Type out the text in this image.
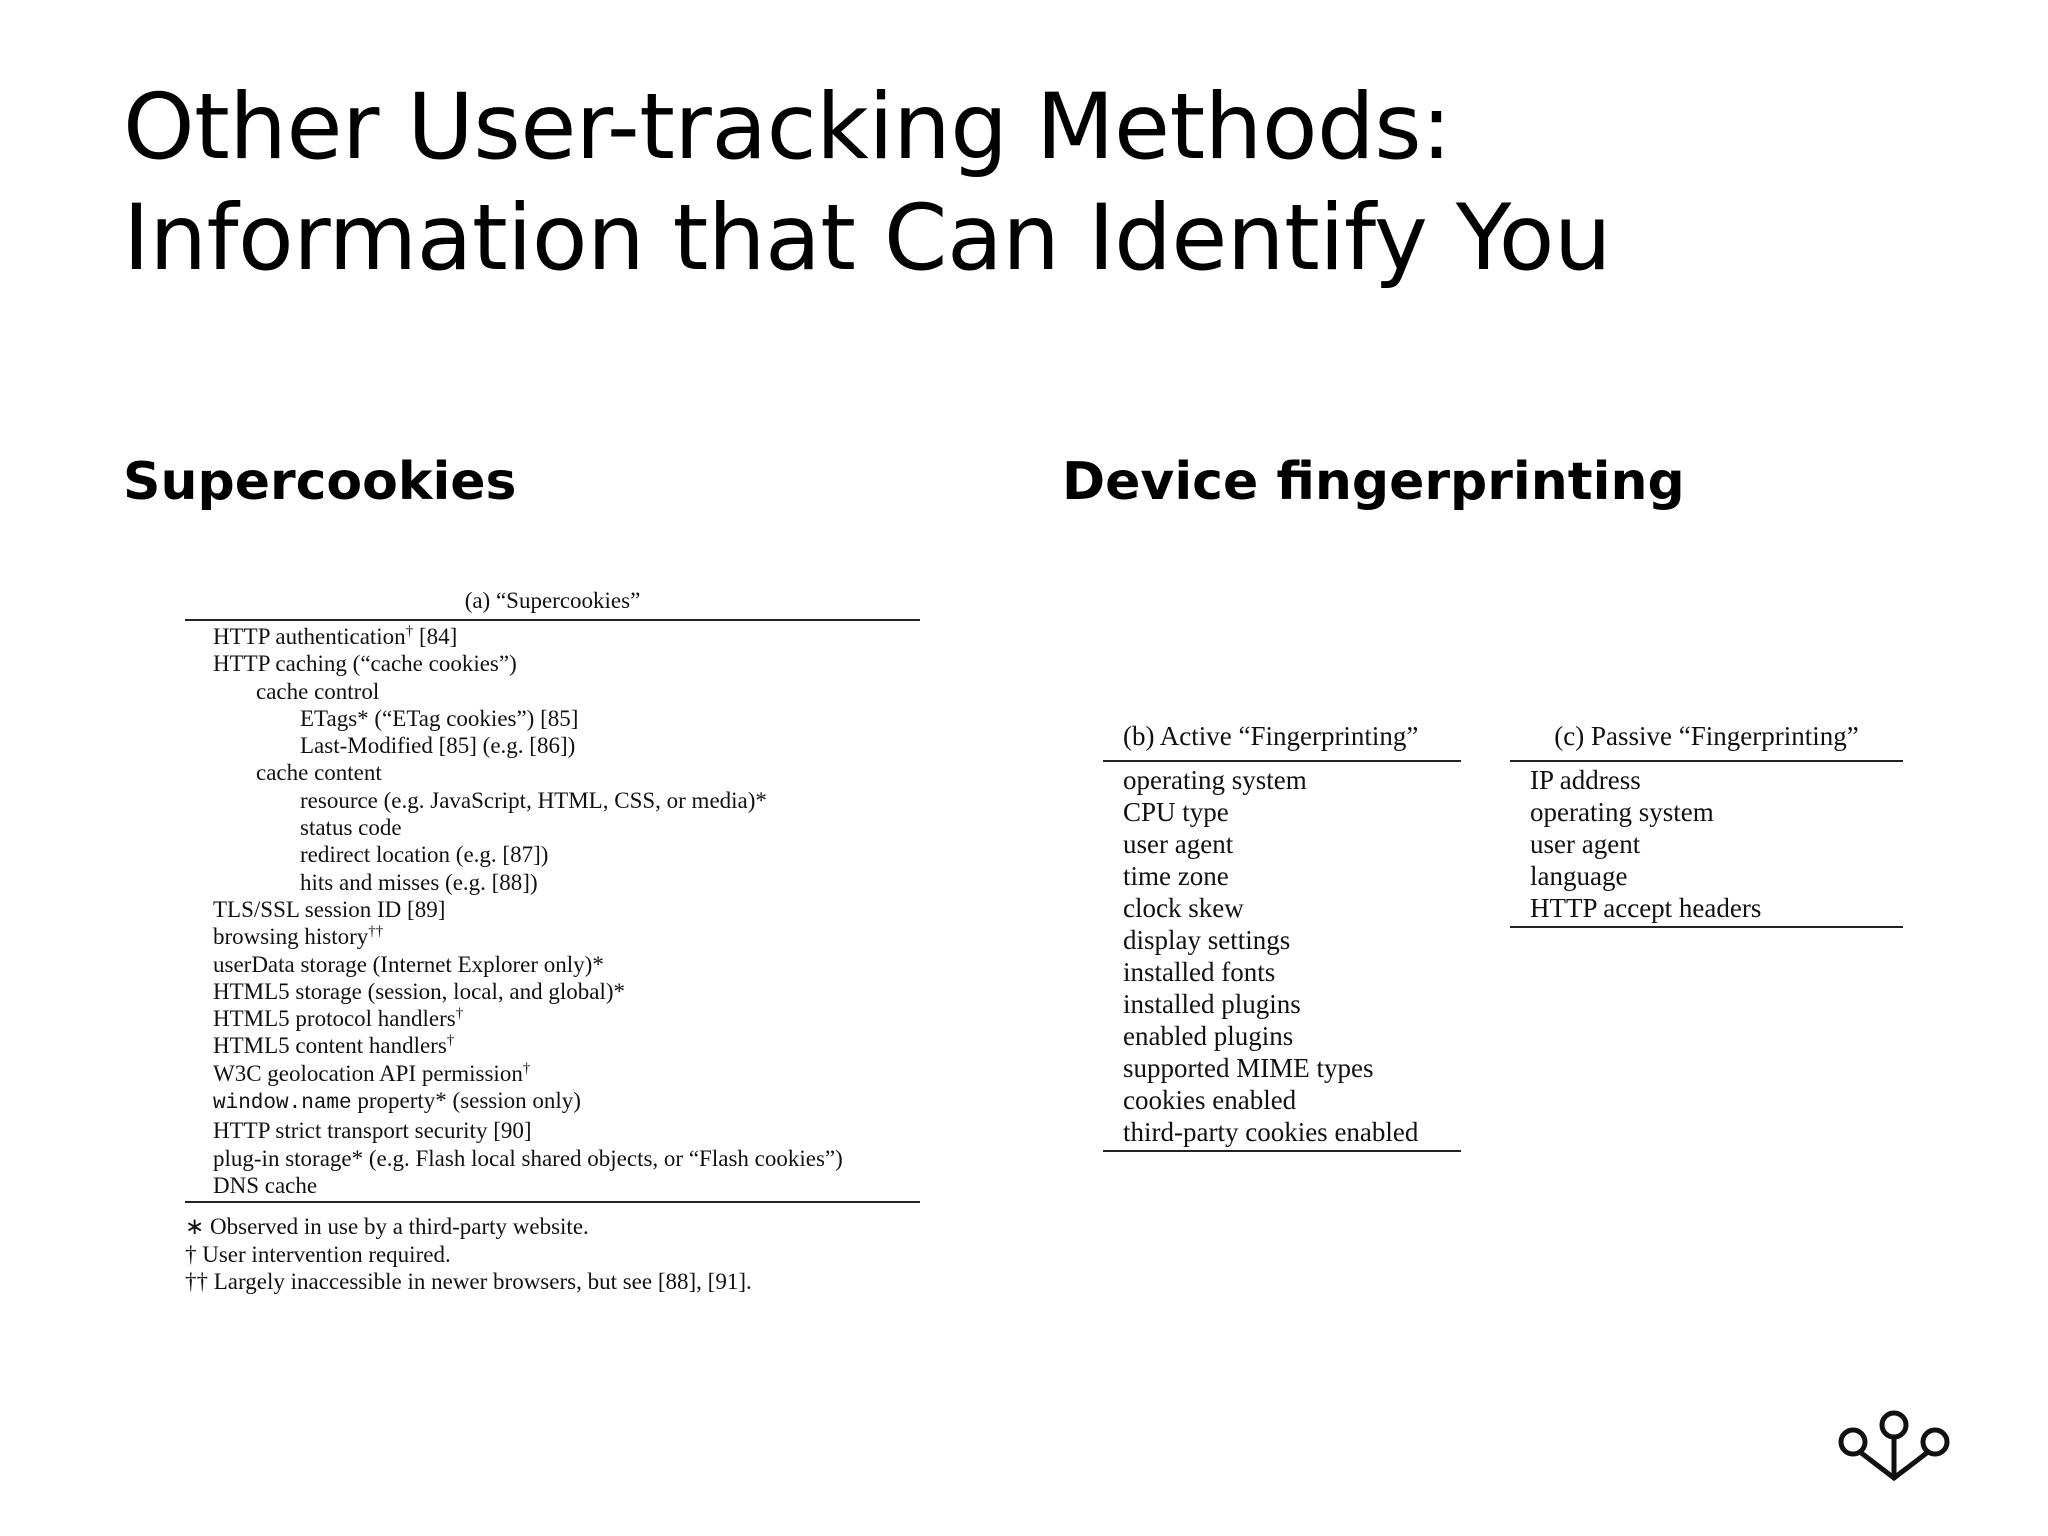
Other User-tracking Methods: Information that Can Identify You
Supercookies	Device fingerprinting
(a) “Supercookies”
HTTP authentication† [84]
HTTP caching (“cache cookies”)
cache control
ETags* (“ETag cookies”) [85]
Last-Modified [85] (e.g. [86])
cache content
resource (e.g. JavaScript, HTML, CSS, or media)*
status code
redirect location (e.g. [87])
hits and misses (e.g. [88])
TLS/SSL session ID [89]
browsing history††
userData storage (Internet Explorer only)*
HTML5 storage (session, local, and global)*
HTML5 protocol handlers†
HTML5 content handlers†
W3C geolocation API permission†
window.name property* (session only)
HTTP strict transport security [90]
plug-in storage* (e.g. Flash local shared objects, or “Flash cookies”)
DNS cache
∗ Observed in use by a third-party website.
† User intervention required.
†† Largely inaccessible in newer browsers, but see [88], [91].
(b) Active “Fingerprinting”
operating system
CPU type
user agent
time zone
clock skew
display settings
installed fonts
installed plugins
enabled plugins
supported MIME types
cookies enabled
third-party cookies enabled
(c) Passive “Fingerprinting”
IP address
operating system
user agent
language
HTTP accept headers
